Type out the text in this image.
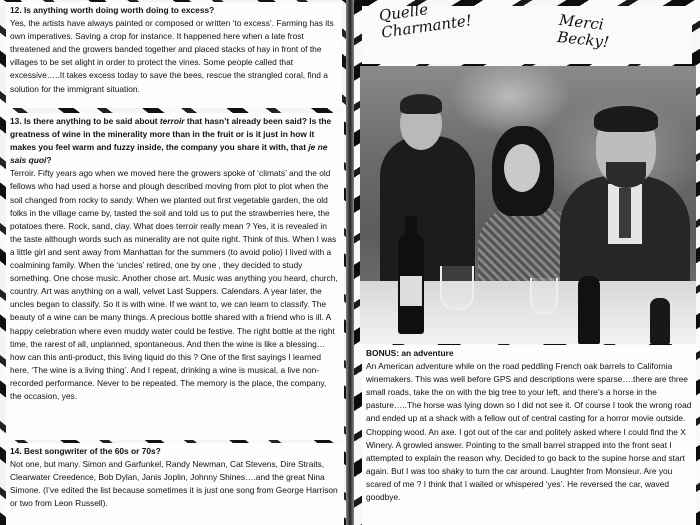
12. Is anything worth doing worth doing to excess?

Yes, the artists have always painted or composed or written ‘to excess’. Farming has its own imperatives. Saving a crop for instance. It happened here when a late frost threatened and the growers banded together and placed stacks of hay in front of the villages to be set alight in order to protect the vines. Some people called that excessive…..It takes excess today to save the bees, rescue the strangled coral, find a solution for the immigrant situation.

13. Is there anything to be said about terroir that hasn’t already been said? Is the greatness of wine in the minerality more than in the fruit or is it just in how it makes you feel warm and fuzzy inside, the company you share it with, that je ne sais quoi?

Terroir. Fifty years ago when we moved here the growers spoke of ‘climats’ and the old fellows who had used a horse and plough described moving from plot to plot when the soil changed from rocky to sandy. When we planted out first vegetable garden, the old folks in the village came by, tasted the soil and told us to put the strawberries here, the potatoes there. Rock, sand, clay. What does terroir really mean ? Yes, it is revealed in the taste although words such as minerality are not quite right. Think of this. When I was a little girl and sent away from Manhattan for the summers (to avoid polio) I lived with a coalmining family. When the ‘uncles’ retired, one by one , they decided to study something. One chose music. Another chose art. Music was anything you heard, church, country. Art was anything on a wall, velvet Last Suppers. Calendars. A year later, the uncles began to classify. So it is with wine. If we want to, we can learn to classify. The beauty of a wine can be many things. A precious bottle shared with a friend who is ill. A happy celebration where even muddy water could be festive. The right bottle at the right time, the rarest of all, unplanned, spontaneous. And then the wine is like a blessing…how can this anti-product, this living liquid do this ? One of the first sayings I learned here, ‘The wine is a living thing’. And I repeat, drinking a wine is musical, a live non-recorded performance. Never to be repeated. The memory is the place, the company, the occasion, yes.

14. Best songwriter of the 60s or 70s?

Not one, but many. Simon and Garfunkel, Randy Newman, Cat Stevens, Dire Straits, Clearwater Creedence, Bob Dylan, Janis Joplin, Johnny Shines….and the great Nina Simone. (I’ve edited the list because sometimes it is just one song from George Harrison or two from Leon Russell).

Quelle
Charmante!	Merci
Becky!

BONUS: an adventure

An American adventure while on the road peddling French oak barrels to California winemakers. This was well before GPS and descriptions were sparse….there are three small roads, take the on with the big tree to your left, and there’s a horse in the pasture…..The horse was lying down so I did not see it. Of course I took the wrong road and ended up at a shack with a fellow out of central casting for a horror movie outside. Chopping wood. An axe. I got out of the car and politely asked where I could find the X Winery. A growled answer. Pointing to the small barrel strapped into the front seat I attempted to explain the reason why. Decided to go back to the supine horse and start again. But I was too shaky to turn the car around. Laughter from Monsieur. Are you scared of me ? I think that I wailed or whispered ‘yes’. He reversed the car, waved goodbye.
